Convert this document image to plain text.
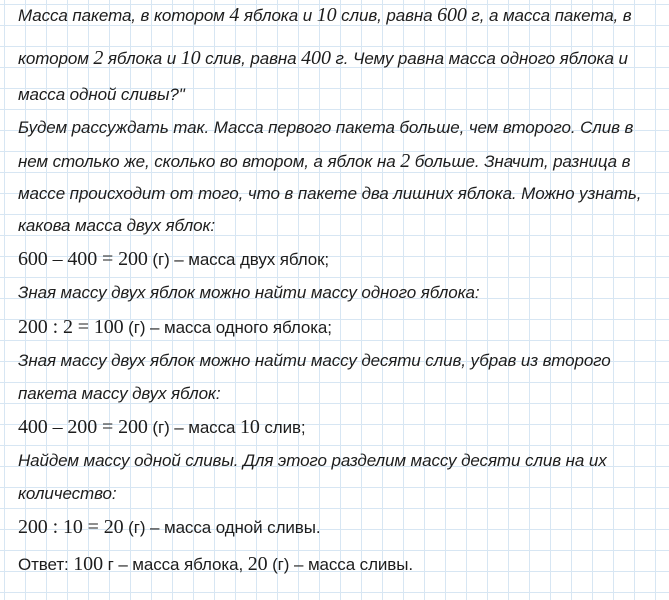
Масса пакета, в котором 4 яблока и 10 слив, равна 600 г, а масса пакета, в
котором 2 яблока и 10 слив, равна 400 г. Чему равна масса одного яблока и
масса одной сливы?"
Будем рассуждать так. Масса первого пакета больше, чем второго. Слив в
нем столько же, сколько во втором, а яблок на 2 больше. Значит, разница в
массе происходит от того, что в пакете два лишних яблока. Можно узнать,
какова масса двух яблок:
600 – 400 = 200 (г) – масса двух яблок;
Зная массу двух яблок можно найти массу одного яблока:
200 : 2 = 100 (г) – масса одного яблока;
Зная массу двух яблок можно найти массу десяти слив, убрав из второго
пакета массу двух яблок:
400 – 200 = 200 (г) – масса 10 слив;
Найдем массу одной сливы. Для этого разделим массу десяти слив на их
количество:
200 : 10 = 20 (г) – масса одной сливы.
Ответ: 100 г – масса яблока, 20 (г) – масса сливы.
